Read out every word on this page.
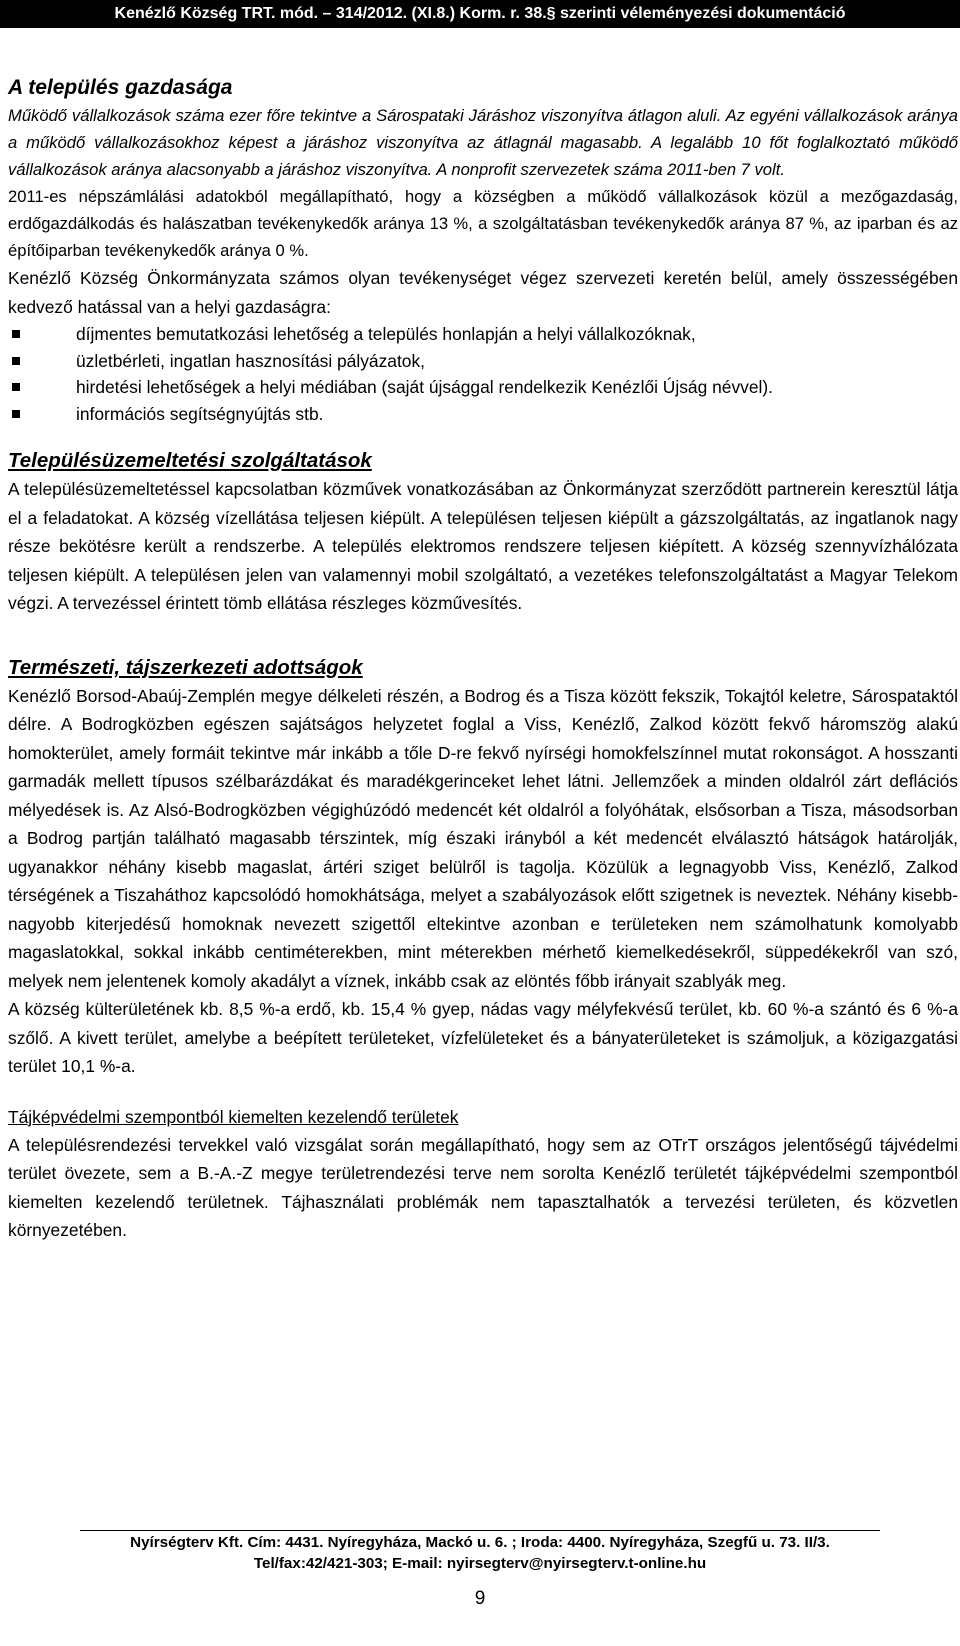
Kenézlő Község TRT. mód. – 314/2012. (XI.8.) Korm. r. 38.§ szerinti véleményezési dokumentáció
A település gazdasága

Működő vállalkozások száma ezer főre tekintve a Sárospataki Járáshoz viszonyítva átlagon aluli. Az egyéni vállalkozások aránya a működő vállalkozásokhoz képest a járáshoz viszonyítva az átlagnál magasabb. A legalább 10 főt foglalkoztató működő vállalkozások aránya alacsonyabb a járáshoz viszonyítva. A nonprofit szervezetek száma 2011-ben 7 volt.

2011-es népszámlálási adatokból megállapítható, hogy a községben a működő vállalkozások közül a mezőgazdaság, erdőgazdálkodás és halászatban tevékenykedők aránya 13 %, a szolgáltatásban tevékenykedők aránya 87 %, az iparban és az építőiparban tevékenykedők aránya 0 %.

Kenézlő Község Önkormányzata számos olyan tevékenységet végez szervezeti keretén belül, amely összességében kedvező hatással van a helyi gazdaságra:

díjmentes bemutatkozási lehetőség a település honlapján a helyi vállalkozóknak,
üzletbérleti, ingatlan hasznosítási pályázatok,
hirdetési lehetőségek a helyi médiában (saját újsággal rendelkezik Kenézlői Újság névvel).
információs segítségnyújtás stb.
Településüzemeltetési szolgáltatások

A településüzemeltetéssel kapcsolatban közművek vonatkozásában az Önkormányzat szerződött partnerein keresztül látja el a feladatokat. A község vízellátása teljesen kiépült. A településen teljesen kiépült a gázszolgáltatás, az ingatlanok nagy része bekötésre került a rendszerbe. A település elektromos rendszere teljesen kiépített. A község szennyvízhálózata teljesen kiépült. A településen jelen van valamennyi mobil szolgáltató, a vezetékes telefonszolgáltatást a Magyar Telekom végzi. A tervezéssel érintett tömb ellátása részleges közművesítés.

Természeti, tájszerkezeti adottságok

Kenézlő Borsod-Abaúj-Zemplén megye délkeleti részén, a Bodrog és a Tisza között fekszik, Tokajtól keletre, Sárospataktól délre. A Bodrogközben egészen sajátságos helyzetet foglal a Viss, Kenézlő, Zalkod között fekvő háromszög alakú homokterület, amely formáit tekintve már inkább a tőle D-re fekvő nyírségi homokfelszínnel mutat rokonságot. A hosszanti garmadák mellett típusos szélbarázdákat és maradékgerinceket lehet látni. Jellemzőek a minden oldalról zárt deflációs mélyedések is. Az Alsó-Bodrogközben végighúzódó medencét két oldalról a folyóhátak, elsősorban a Tisza, másodsorban a Bodrog partján található magasabb térszintek, míg északi irányból a két medencét elválasztó hátságok határolják, ugyanakkor néhány kisebb magaslat, ártéri sziget belülről is tagolja. Közülük a legnagyobb Viss, Kenézlő, Zalkod térségének a Tiszaháthoz kapcsolódó homokhátsága, melyet a szabályozások előtt szigetnek is neveztek. Néhány kisebb-nagyobb kiterjedésű homoknak nevezett szigettől eltekintve azonban e területeken nem számolhatunk komolyabb magaslatokkal, sokkal inkább centiméterekben, mint méterekben mérhető kiemelkedésekről, süppedékekről van szó, melyek nem jelentenek komoly akadályt a víznek, inkább csak az elöntés főbb irányait szablyák meg.

A község külterületének kb. 8,5 %-a erdő, kb. 15,4 % gyep, nádas vagy mélyfekvésű terület, kb. 60 %-a szántó és 6 %-a szőlő. A kivett terület, amelybe a beépített területeket, vízfelületeket és a bányaterületeket is számoljuk, a közigazgatási terület 10,1 %-a.

Tájképvédelmi szempontból kiemelten kezelendő területek

A településrendezési tervekkel való vizsgálat során megállapítható, hogy sem az OTrT országos jelentőségű tájvédelmi terület övezete, sem a B.-A.-Z megye területrendezési terve nem sorolta Kenézlő területét tájképvédelmi szempontból kiemelten kezelendő területnek. Tájhasználati problémák nem tapasztalhatók a tervezési területen, és közvetlen környezetében.

Nyírségterv Kft. Cím: 4431. Nyíregyháza, Mackó u. 6. ; Iroda: 4400. Nyíregyháza, Szegfű u. 73. II/3.
Tel/fax:42/421-303; E-mail: nyirsegterv@nyirsegterv.t-online.hu
9
